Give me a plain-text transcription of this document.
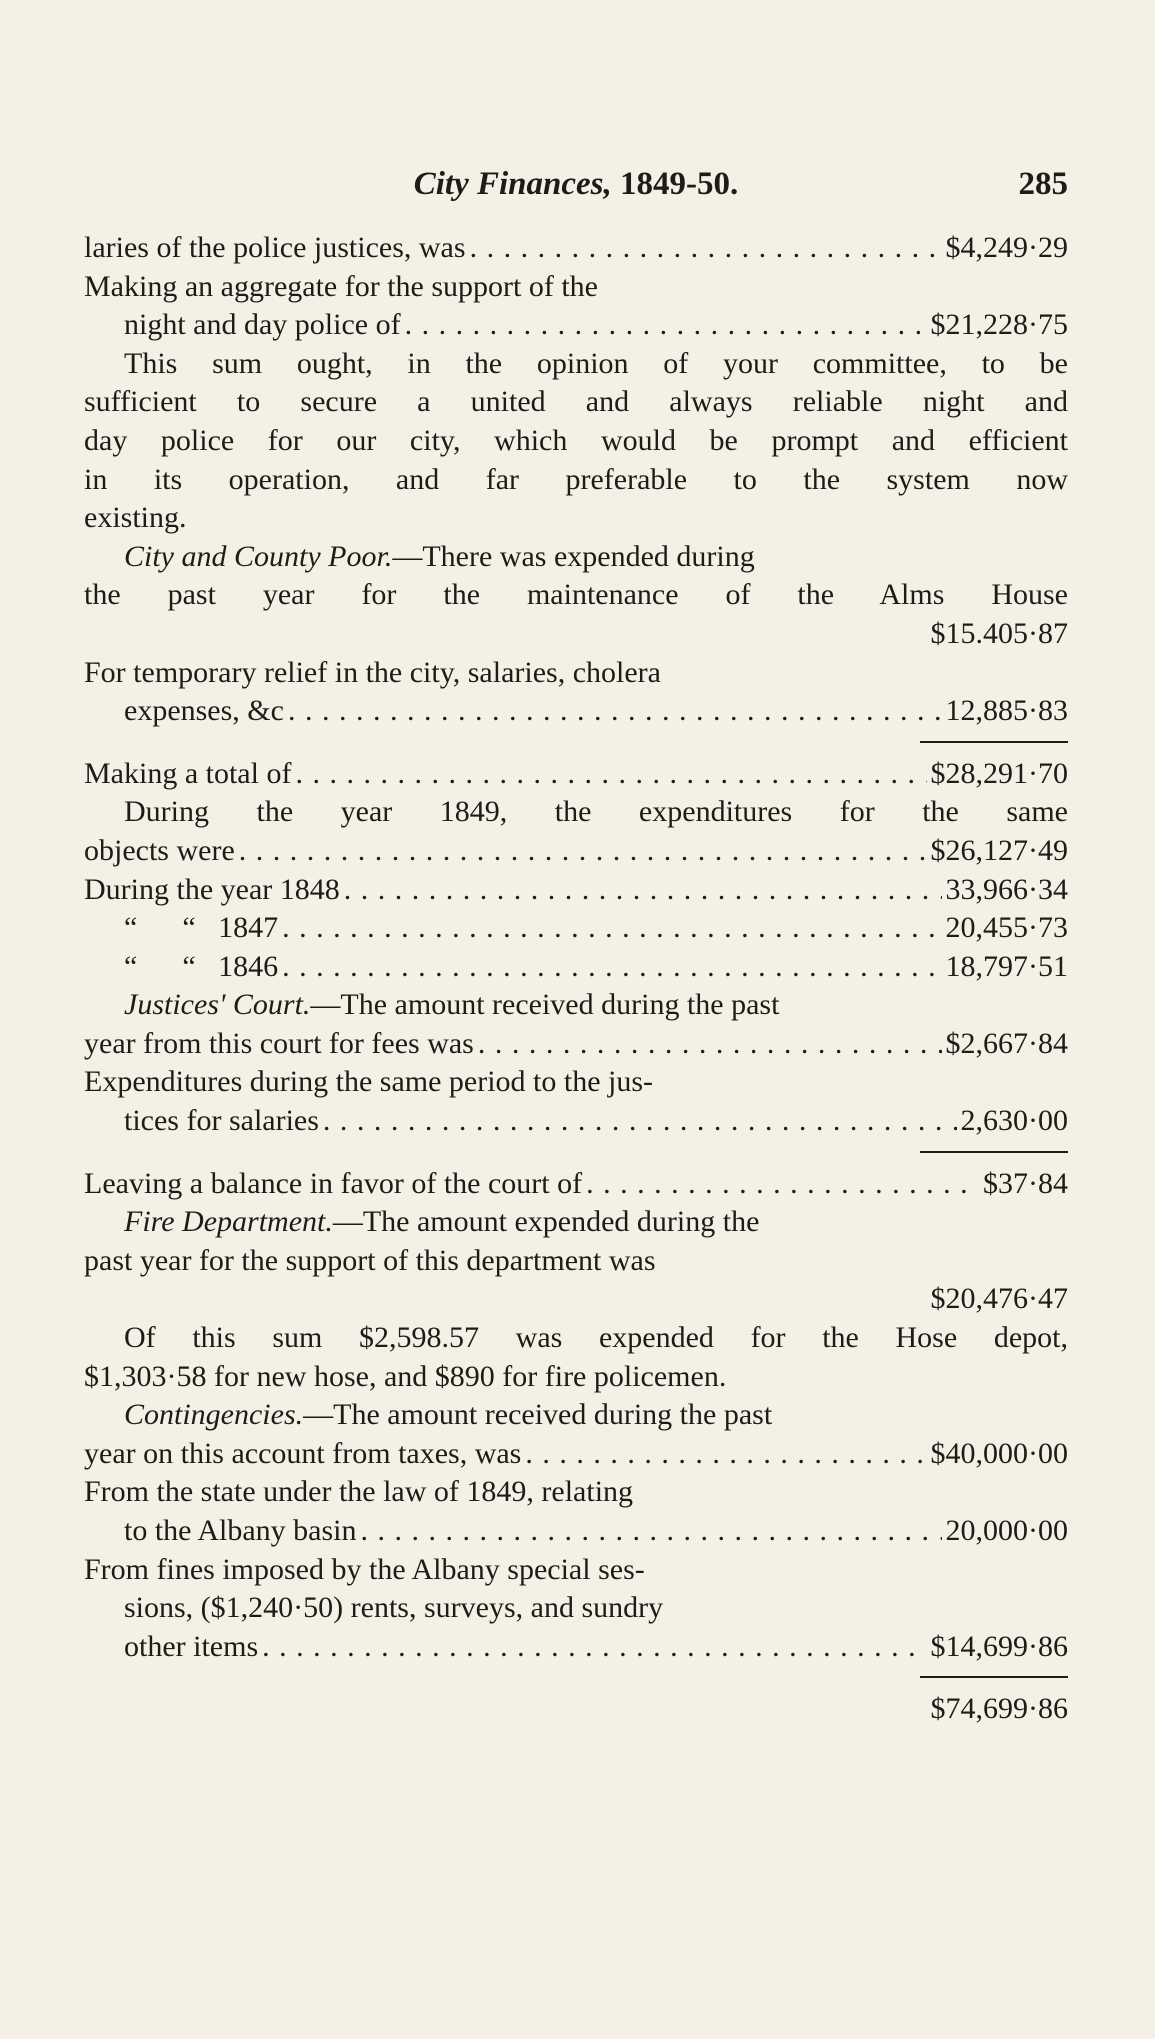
City Finances, 1849-50.	285
laries of the police justices, was . . .	$4,249·29
Making an aggregate for the support of the
night and day police of . . .	$21,228·75
This sum ought, in the opinion of your committee, to be
sufficient to secure a united and always reliable night and
day police for our city, which would be prompt and efficient
in its operation, and far preferable to the system now
existing.
City and County Poor.—There was expended during
the past year for the maintenance of the Alms House
$15.405·87
For temporary relief in the city, salaries, cholera
expenses, &c . . .	12,885·83
Making a total of . . .	$28,291·70
During the year 1849, the expenditures for the same
objects were . . .	$26,127·49
During the year 1848 . . .	33,966·34
“      “   1847 . . .	20,455·73
“      “   1846 . . .	18,797·51
Justices' Court.—The amount received during the past
year from this court for fees was . . .	$2,667·84
Expenditures during the same period to the jus-
tices for salaries . . .	2,630·00
Leaving a balance in favor of the court of . . .	$37·84
Fire Department.—The amount expended during the
past year for the support of this department was
$20,476·47
Of this sum $2,598.57 was expended for the Hose depot,
$1,303·58 for new hose, and $890 for fire policemen.
Contingencies.—The amount received during the past
year on this account from taxes, was . . .	$40,000·00
From the state under the law of 1849, relating
to the Albany basin . . .	20,000·00
From fines imposed by the Albany special ses-
sions, ($1,240·50) rents, surveys, and sundry
other items . . .	$14,699·86
$74,699·86
